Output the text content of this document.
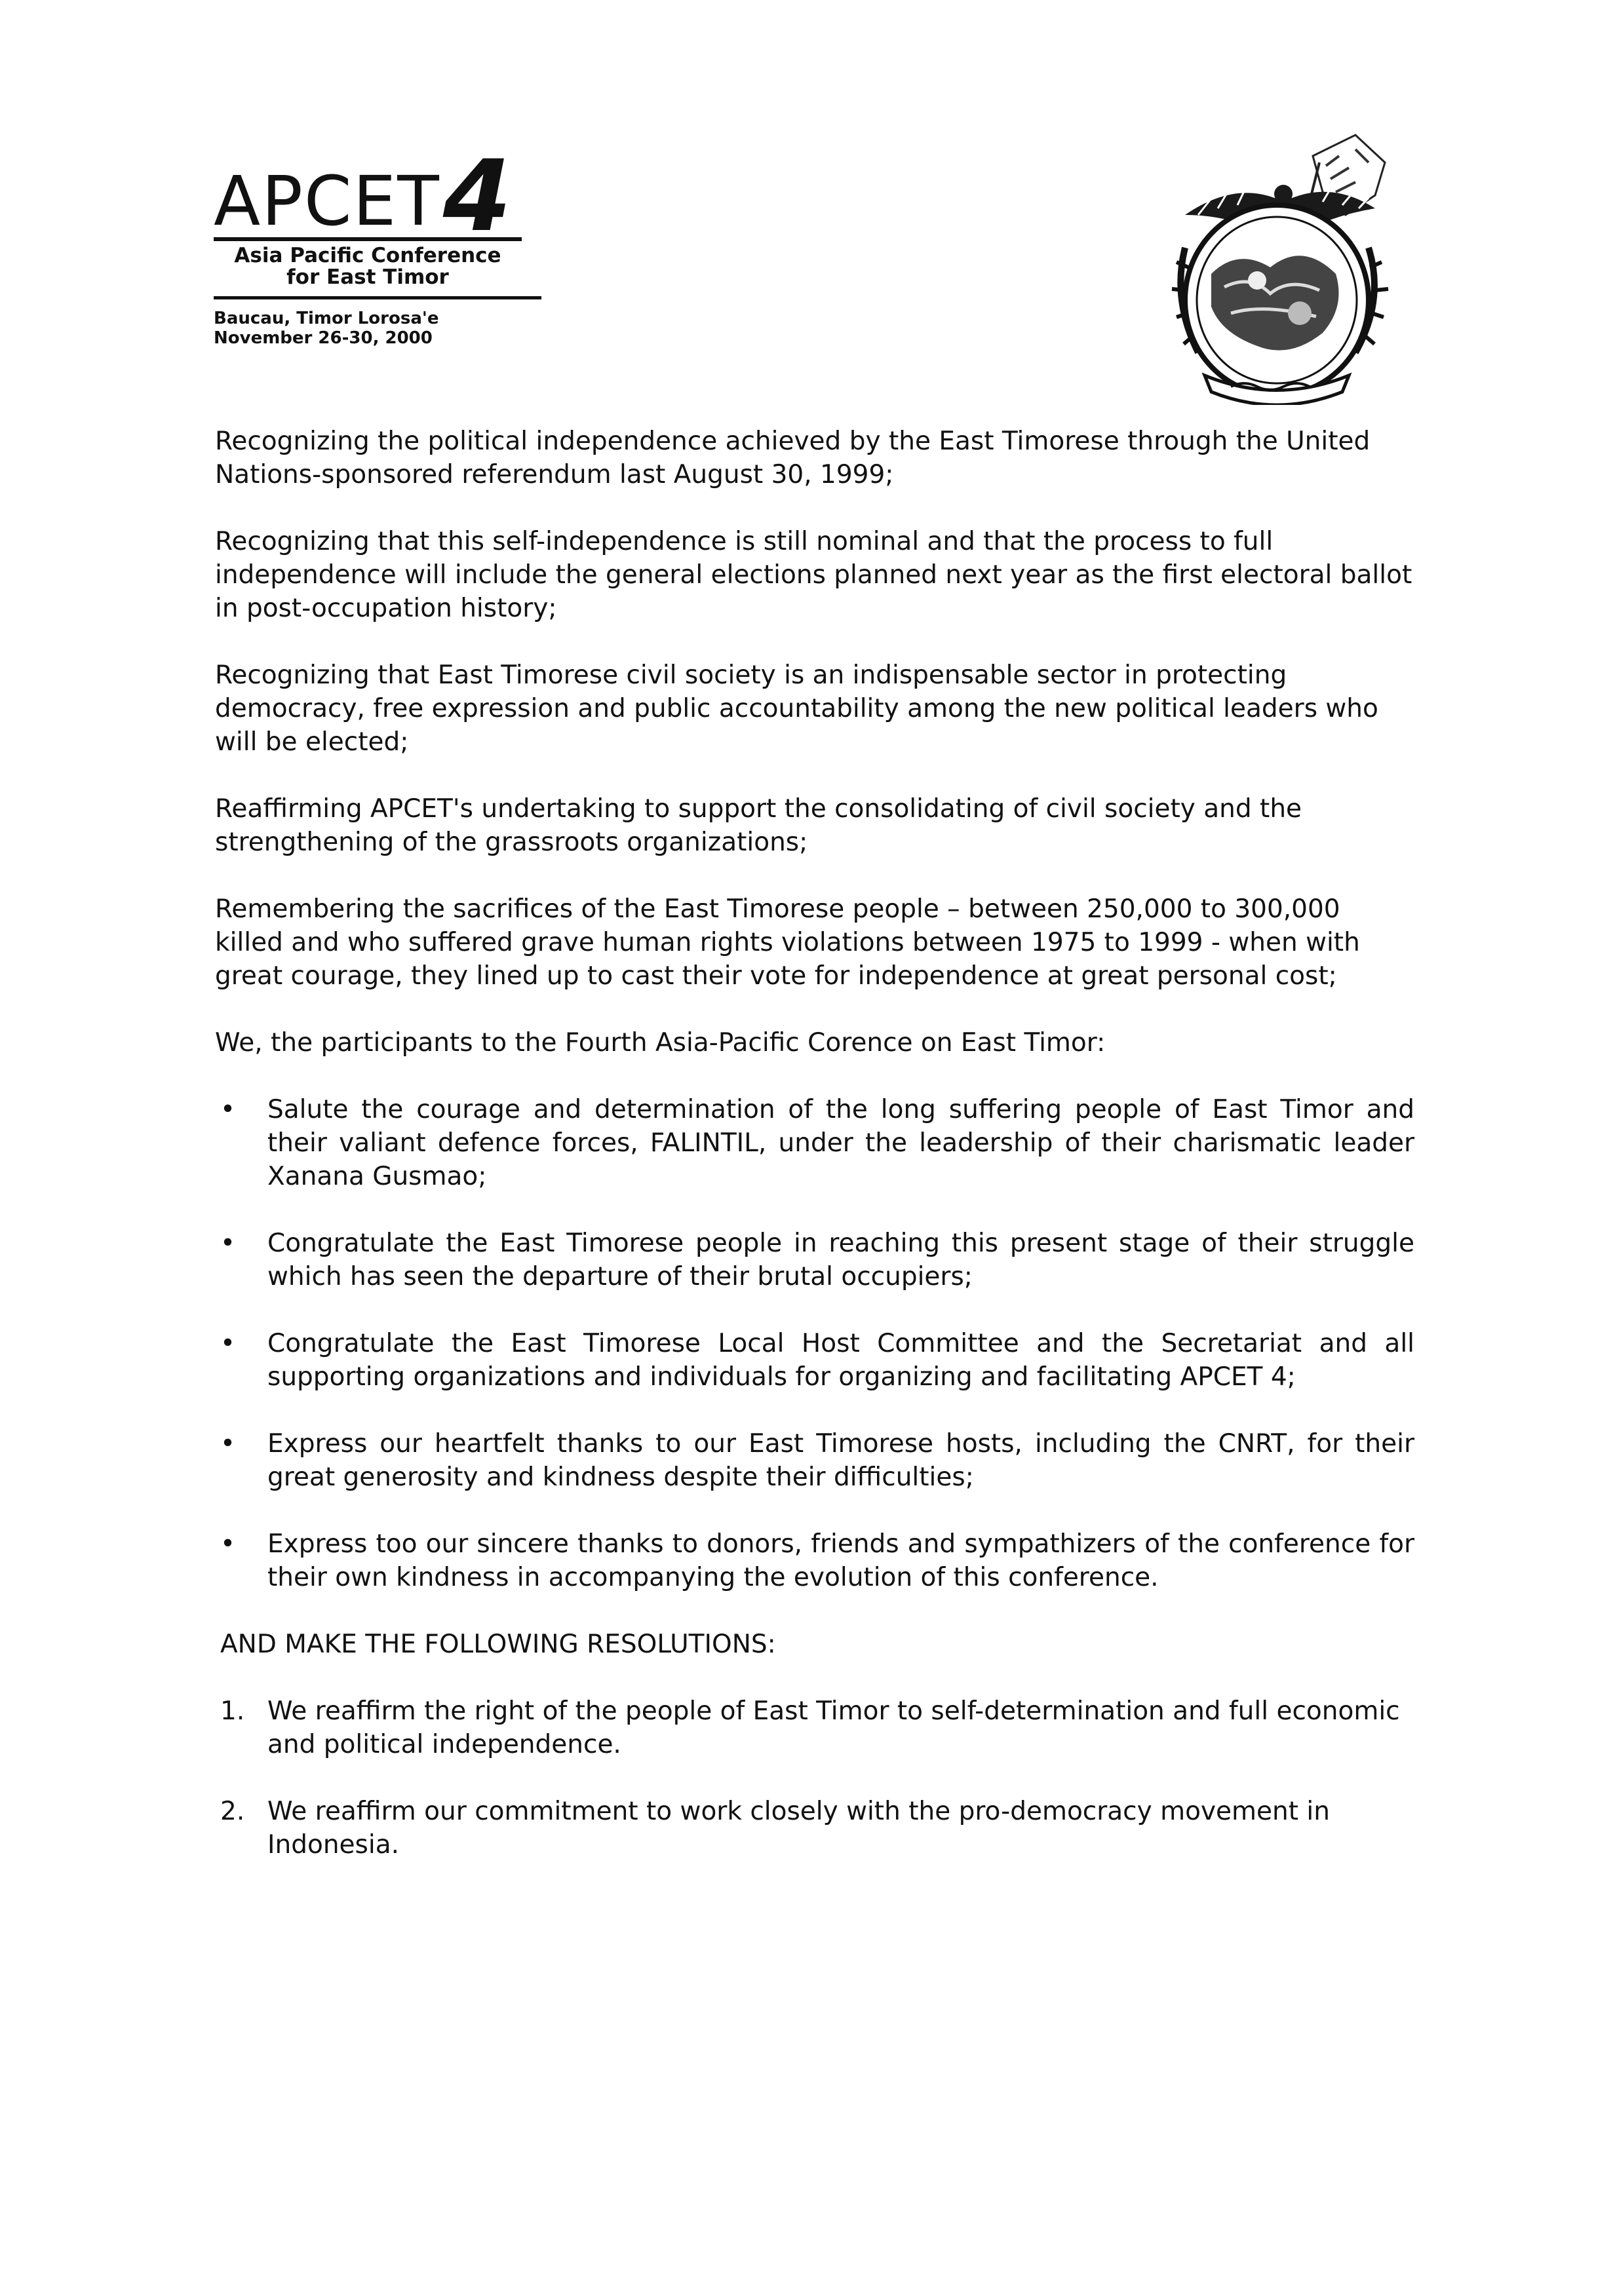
APCET4
Asia Pacific Conference
for East Timor
Baucau, Timor Lorosa'e
November 26-30, 2000

Recognizing the political independence achieved by the East Timorese through the United Nations-sponsored referendum last August 30, 1999;

Recognizing that this self-independence is still nominal and that the process to full independence will include the general elections planned next year as the first electoral ballot in post-occupation history;

Recognizing that East Timorese civil society is an indispensable sector in protecting democracy, free expression and public accountability among the new political leaders who will be elected;

Reaffirming APCET's undertaking to support the consolidating of civil society and the strengthening of the grassroots organizations;

Remembering the sacrifices of the East Timorese people – between 250,000 to 300,000 killed and who suffered grave human rights violations between 1975 to 1999 - when with great courage, they lined up to cast their vote for independence at great personal cost;

We, the participants to the Fourth Asia-Pacific Corence on East Timor:

• Salute the courage and determination of the long suffering people of East Timor and their valiant defence forces, FALINTIL, under the leadership of their charismatic leader Xanana Gusmao;
• Congratulate the East Timorese people in reaching this present stage of their struggle which has seen the departure of their brutal occupiers;
• Congratulate the East Timorese Local Host Committee and the Secretariat and all supporting organizations and individuals for organizing and facilitating APCET 4;
• Express our heartfelt thanks to our East Timorese hosts, including the CNRT, for their great generosity and kindness despite their difficulties;
• Express too our sincere thanks to donors, friends and sympathizers of the conference for their own kindness in accompanying the evolution of this conference.

AND MAKE THE FOLLOWING RESOLUTIONS:

1. We reaffirm the right of the people of East Timor to self-determination and full economic and political independence.
2. We reaffirm our commitment to work closely with the pro-democracy movement in Indonesia.
